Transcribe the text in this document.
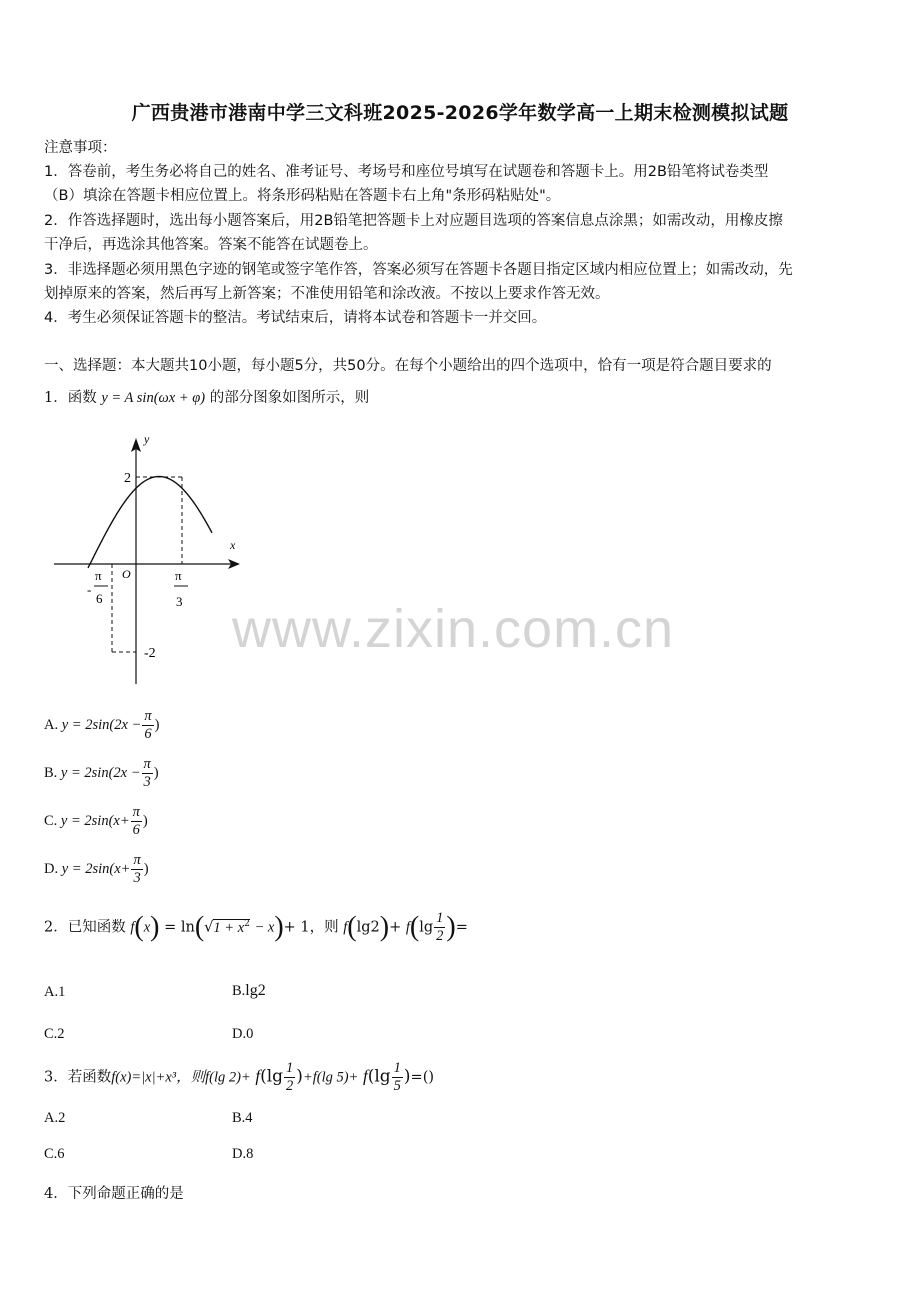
广西贵港市港南中学三文科班2025-2026学年数学高一上期末检测模拟试题
注意事项：
1．答卷前，考生务必将自己的姓名、准考证号、考场号和座位号填写在试题卷和答题卡上。用2B铅笔将试卷类型
（B）填涂在答题卡相应位置上。将条形码粘贴在答题卡右上角"条形码粘贴处"。
2．作答选择题时，选出每小题答案后，用2B铅笔把答题卡上对应题目选项的答案信息点涂黑；如需改动，用橡皮擦
干净后，再选涂其他答案。答案不能答在试题卷上。
3．非选择题必须用黑色字迹的钢笔或签字笔作答，答案必须写在答题卡各题目指定区域内相应位置上；如需改动，先
划掉原来的答案，然后再写上新答案；不准使用铅笔和涂改液。不按以上要求作答无效。
4．考生必须保证答题卡的整洁。考试结束后，请将本试卷和答题卡一并交回。
一、选择题：本大题共10小题，每小题5分，共50分。在每个小题给出的四个选项中，恰有一项是符合题目要求的
1．函数 y = A sin(ωx + φ) 的部分图象如图所示，则
y
x
O
2
-2
π
-
6
π
3
A. $y = 2\sin(2x - \frac{\pi}{6}$ )
B. $y = 2\sin(2x - \frac{\pi}{3}$ )
C. $y = 2\sin(x+ \frac{\pi}{6}$ )
D. $y = 2\sin(x+ \frac{\pi}{3}$ )
2．已知函数 $f(x) = \ln(√1 + x^2 - x)+ 1$，则 $f(\lg 2)+ f(\lg \frac{1}{2}$ )=
A.1	B.lg2
C.2	D.0
3．若函数f(x)=|x|+x³，则f(lg $2)+ f(\lg \frac{1}{2} )+f(\lg$ $5)+ f(\lg \frac{1}{5}$ )=()
A.2	B.4
C.6	D.8
4．下列命题正确的是
www.zixin.com.cn
